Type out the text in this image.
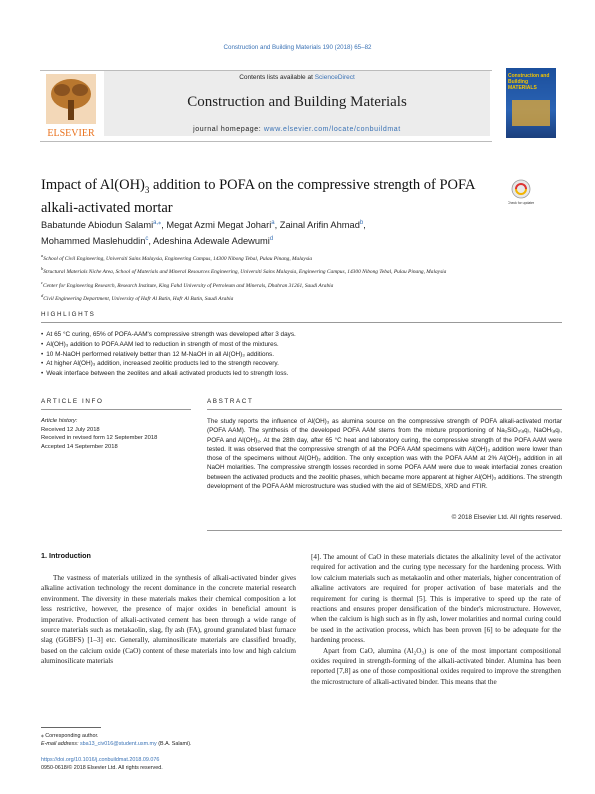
Construction and Building Materials 190 (2018) 65–82
ELSEVIER
Contents lists available at ScienceDirect
Construction and Building Materials
journal homepage: www.elsevier.com/locate/conbuildmat
Construction and Building MATERIALS
Impact of $Al(OH)_3$ addition to POFA on the compressive strength of POFA
alkali-activated mortar	Check for updates
Babatunde Abiodun Salami$^{a,⁎}$, Megat Azmi Megat Johari$^a$, Zainal Arifin Ahmad$^b$,
Mohammed Maslehuddin$^c$, Adeshina Adewale Adewumi$^d$
$^a$School of Civil Engineering, Universiti Sains Malaysia, Engineering Campus, 14300 Nibong Tebal, Pulau Pinang, Malaysia
$^b$Structural Materials Niche Area, School of Materials and Mineral Resources Engineering, Universiti Sains Malaysia, Engineering Campus, 14300 Nibong Tebal, Pulau Pinang, Malaysia
$^c$Center for Engineering Research, Research Institute, King Fahd University of Petroleum and Minerals, Dhahran 31261, Saudi Arabia
$^d$Civil Engineering Department, University of Hafr Al Batin, Hafr Al Batin, Saudi Arabia
HIGHLIGHTS
• At 65 °C curing, 65% of POFA-AAM's compressive strength was developed after 3 days.
• Al(OH)₃ addition to POFA AAM led to reduction in strength of most of the mixtures.
• 10 M-NaOH performed relatively better than 12 M-NaOH in all Al(OH)₃ additions.
• At higher Al(OH)₃ addition, increased zeolitic products led to the strength recovery.
• Weak interface between the zeolites and alkali activated products led to strength loss.
ARTICLE INFO	ABSTRACT
Article history:
Received 12 July 2018
Received in revised form 12 September 2018
Accepted 14 September 2018
The study reports the influence of Al(OH)₃ as alumina source on the compressive strength of POFA alkali-activated mortar (POFA AAM). The synthesis of the developed POFA AAM stems from the mixture proportioning of Na₂SiO₃₍ₐq₎, NaOH₍ₐq₎, POFA and Al(OH)₃. At the 28th day, after 65 °C heat and laboratory curing, the compressive strength of the POFA AAM were tested. It was observed that the compressive strength of all the POFA AAM specimens with Al(OH)₃ addition were lower than those of the specimens without Al(OH)₃ addition. The only exception was with the POFA AAM at 2% Al(OH)₃ addition in all NaOH molarities. The compressive strength losses recorded in some POFA AAM were due to weak interfacial zones creation between the activated products and the zeolitic phases, which became more apparent at higher Al(OH)₃ additions. The strength development of the POFA AAM microstructure was studied with the aid of SEM/EDS, XRD and FTIR.
© 2018 Elsevier Ltd. All rights reserved.
1. Introduction

The vastness of materials utilized in the synthesis of alkali-activated binder gives alkaline activation technology the recent dominance in the concrete material research environment. The diversity in these materials makes their chemical composition a lot less restrictive, however, the presence of major oxides in beneficial amount is imperative. Production of alkali-activated cement has been through a wide range of source materials such as metakaolin, slag, fly ash (FA), ground granulated blast furnace slag (GGBFS) [1–3] etc. Generally, aluminosilicate materials are classified broadly, based on the calcium oxide (CaO) content of these materials into low and high calcium aluminosilicate materials

[4]. The amount of CaO in these materials dictates the alkalinity level of the activator required for activation and the curing type necessary for the hardening process. With low calcium materials such as metakaolin and other materials, higher concentration of alkaline activators are required for proper activation of base materials and the requirement for curing is thermal [5]. This is imperative to speed up the rate of reactions and ensures proper densification of the binder's microstructure. However, when the calcium is high such as in fly ash, lower molarities and normal curing could be used in the activation process, which has been proven [6] to be adequate for the hardening process.

Apart from CaO, alumina (Al₂O₃) is one of the most important compositional oxides required in strength-forming of the alkali-activated binder. Alumina has been reported [7,8] as one of those compositional oxides required to improve the strengthen the microstructure of alkali-activated binder. This means that the

⁎ Corresponding author.
E-mail address: sba13_civ016@student.usm.my (B.A. Salami).
https://doi.org/10.1016/j.conbuildmat.2018.09.076
0950-0618/© 2018 Elsevier Ltd. All rights reserved.
